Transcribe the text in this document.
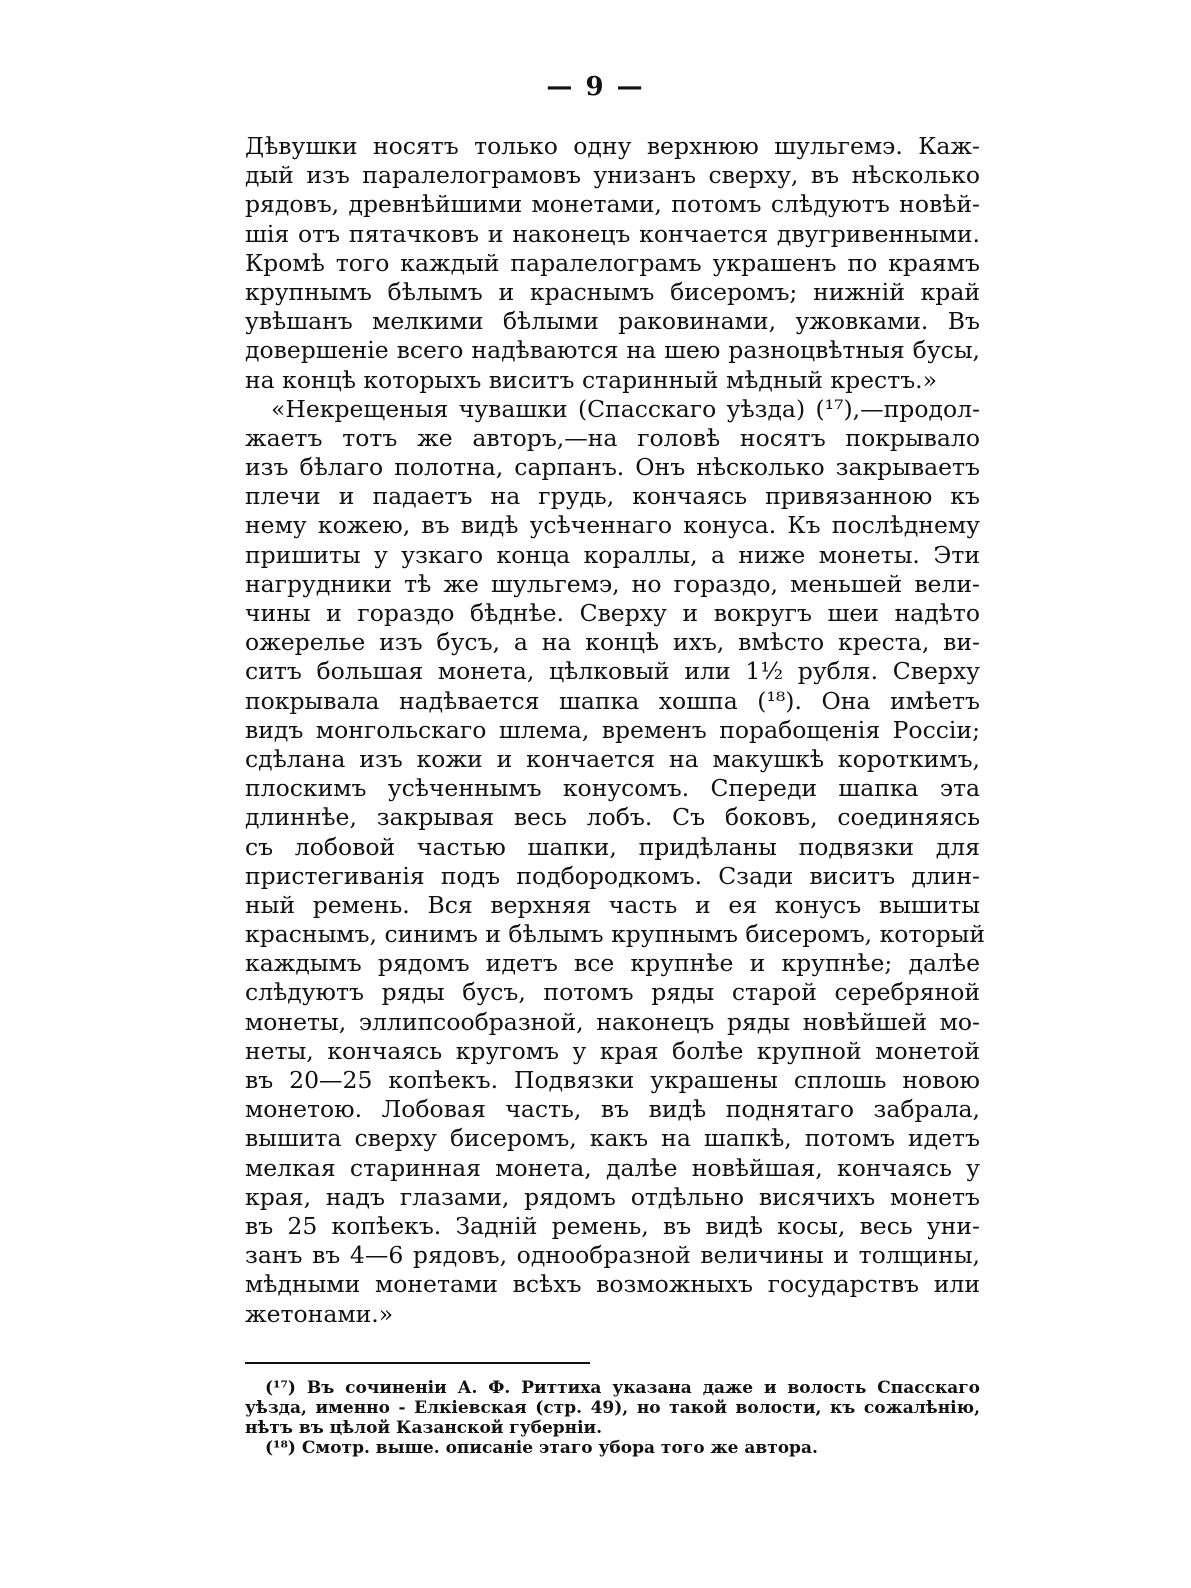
— 9 —
Дѣвушки носятъ только одну верхнюю шульгемэ. Каж-
дый изъ паралелограмовъ унизанъ сверху, въ нѣсколько
рядовъ, древнѣйшими монетами, потомъ слѣдуютъ новѣй-
шія отъ пятачковъ и наконецъ кончается двугривенными.
Кромѣ того каждый паралелограмъ украшенъ по краямъ
крупнымъ бѣлымъ и краснымъ бисеромъ; нижній край
увѣшанъ мелкими бѣлыми раковинами, ужовками. Въ
довершеніе всего надѣваются на шею разноцвѣтныя бусы,
на концѣ которыхъ виситъ старинный мѣдный крестъ.»
«Некрещеныя чувашки (Спасскаго уѣзда) (¹⁷),—продол-
жаетъ тотъ же авторъ,—на головѣ носятъ покрывало
изъ бѣлаго полотна, сарпанъ. Онъ нѣсколько закрываетъ
плечи и падаетъ на грудь, кончаясь привязанною къ
нему кожею, въ видѣ усѣченнаго конуса. Къ послѣднему
пришиты у узкаго конца кораллы, а ниже монеты. Эти
нагрудники тѣ же шульгемэ, но гораздо, меньшей вели-
чины и гораздо бѣднѣе. Сверху и вокругъ шеи надѣто
ожерелье изъ бусъ, а на концѣ ихъ, вмѣсто креста, ви-
ситъ большая монета, цѣлковый или 1½ рубля. Сверху
покрывала надѣвается шапка хошпа (¹⁸). Она имѣетъ
видъ монгольскаго шлема, временъ порабощенія Россіи;
сдѣлана изъ кожи и кончается на макушкѣ короткимъ,
плоскимъ усѣченнымъ конусомъ. Спереди шапка эта
длиннѣе, закрывая весь лобъ. Съ боковъ, соединяясь
съ лобовой частью шапки, придѣланы подвязки для
пристегиванія подъ подбородкомъ. Сзади виситъ длин-
ный ремень. Вся верхняя часть и ея конусъ вышиты
краснымъ, синимъ и бѣлымъ крупнымъ бисеромъ, который
каждымъ рядомъ идетъ все крупнѣе и крупнѣе; далѣе
слѣдуютъ ряды бусъ, потомъ ряды старой серебряной
монеты, эллипсообразной, наконецъ ряды новѣйшей мо-
неты, кончаясь кругомъ у края болѣе крупной монетой
въ 20—25 копѣекъ. Подвязки украшены сплошь новою
монетою. Лобовая часть, въ видѣ поднятаго забрала,
вышита сверху бисеромъ, какъ на шапкѣ, потомъ идетъ
мелкая старинная монета, далѣе новѣйшая, кончаясь у
края, надъ глазами, рядомъ отдѣльно висячихъ монетъ
въ 25 копѣекъ. Задній ремень, въ видѣ косы, весь уни-
занъ въ 4—6 рядовъ, однообразной величины и толщины,
мѣдными монетами всѣхъ возможныхъ государствъ или
жетонами.»
(¹⁷) Въ сочиненіи А. Ф. Риттиха указана даже и волость Спасскаго
уѣзда, именно - Елкіевская (стр. 49), но такой волости, къ сожалѣнію,
нѣтъ въ цѣлой Казанской губерніи.
(¹⁸) Смотр. выше. описаніе этаго убора того же автора.
